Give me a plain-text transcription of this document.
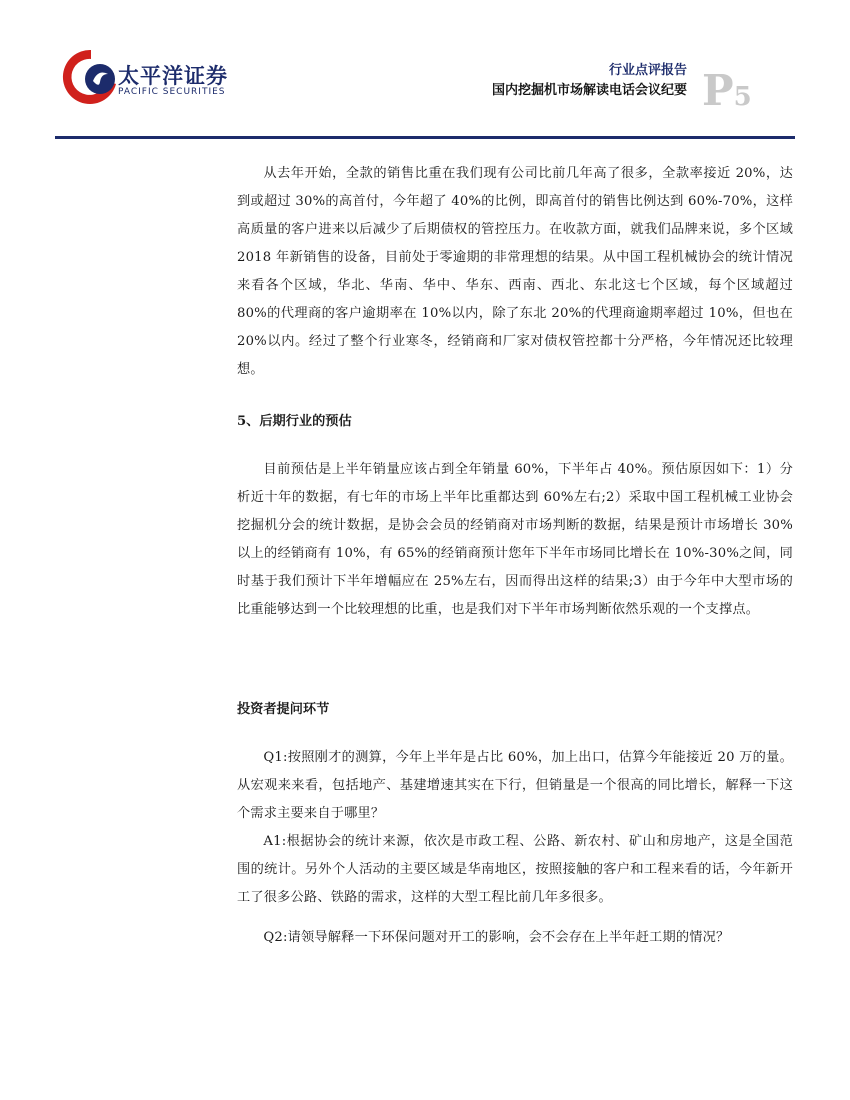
太平洋证券
PACIFIC SECURITIES
行业点评报告
国内挖掘机市场解读电话会议纪要 P5

从去年开始，全款的销售比重在我们现有公司比前几年高了很多，全款率接近 20%，达到或超过 30%的高首付，今年超了 40%的比例，即高首付的销售比例达到 60%-70%，这样高质量的客户进来以后减少了后期债权的管控压力。在收款方面，就我们品牌来说，多个区域 2018 年新销售的设备，目前处于零逾期的非常理想的结果。从中国工程机械协会的统计情况来看各个区域，华北、华南、华中、华东、西南、西北、东北这七个区域，每个区域超过 80%的代理商的客户逾期率在 10%以内，除了东北 20%的代理商逾期率超过 10%，但也在 20%以内。经过了整个行业寒冬，经销商和厂家对债权管控都十分严格，今年情况还比较理想。

5、后期行业的预估

目前预估是上半年销量应该占到全年销量 60%，下半年占 40%。预估原因如下：1）分析近十年的数据，有七年的市场上半年比重都达到 60%左右;2）采取中国工程机械工业协会挖掘机分会的统计数据，是协会会员的经销商对市场判断的数据，结果是预计市场增长 30%以上的经销商有 10%，有 65%的经销商预计您年下半年市场同比增长在 10%-30%之间，同时基于我们预计下半年增幅应在 25%左右，因而得出这样的结果;3）由于今年中大型市场的比重能够达到一个比较理想的比重，也是我们对下半年市场判断依然乐观的一个支撑点。

投资者提问环节

Q1:按照刚才的测算，今年上半年是占比 60%，加上出口，估算今年能接近 20 万的量。从宏观来来看，包括地产、基建增速其实在下行，但销量是一个很高的同比增长，解释一下这个需求主要来自于哪里？

A1:根据协会的统计来源，依次是市政工程、公路、新农村、矿山和房地产，这是全国范围的统计。另外个人活动的主要区域是华南地区，按照接触的客户和工程来看的话，今年新开工了很多公路、铁路的需求，这样的大型工程比前几年多很多。

Q2:请领导解释一下环保问题对开工的影响，会不会存在上半年赶工期的情况？
